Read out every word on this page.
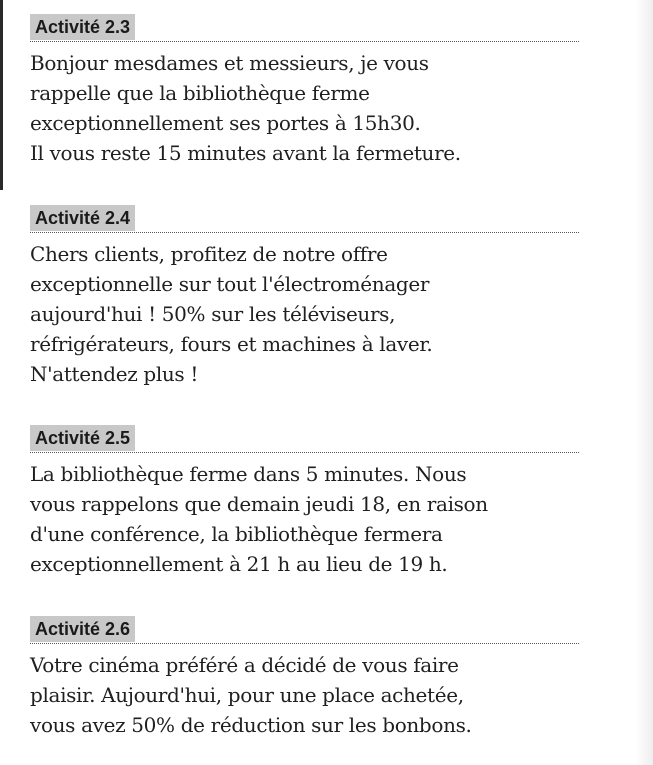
Activité 2.3

Bonjour mesdames et messieurs, je vous
rappelle que la bibliothèque ferme
exceptionnellement ses portes à 15h30.
Il vous reste 15 minutes avant la fermeture.

Activité 2.4

Chers clients, profitez de notre offre
exceptionnelle sur tout l'électroménager
aujourd'hui ! 50% sur les téléviseurs,
réfrigérateurs, fours et machines à laver.
N'attendez plus !

Activité 2.5

La bibliothèque ferme dans 5 minutes. Nous
vous rappelons que demain jeudi 18, en raison
d'une conférence, la bibliothèque fermera
exceptionnellement à 21 h au lieu de 19 h.

Activité 2.6

Votre cinéma préféré a décidé de vous faire
plaisir. Aujourd'hui, pour une place achetée,
vous avez 50% de réduction sur les bonbons.
